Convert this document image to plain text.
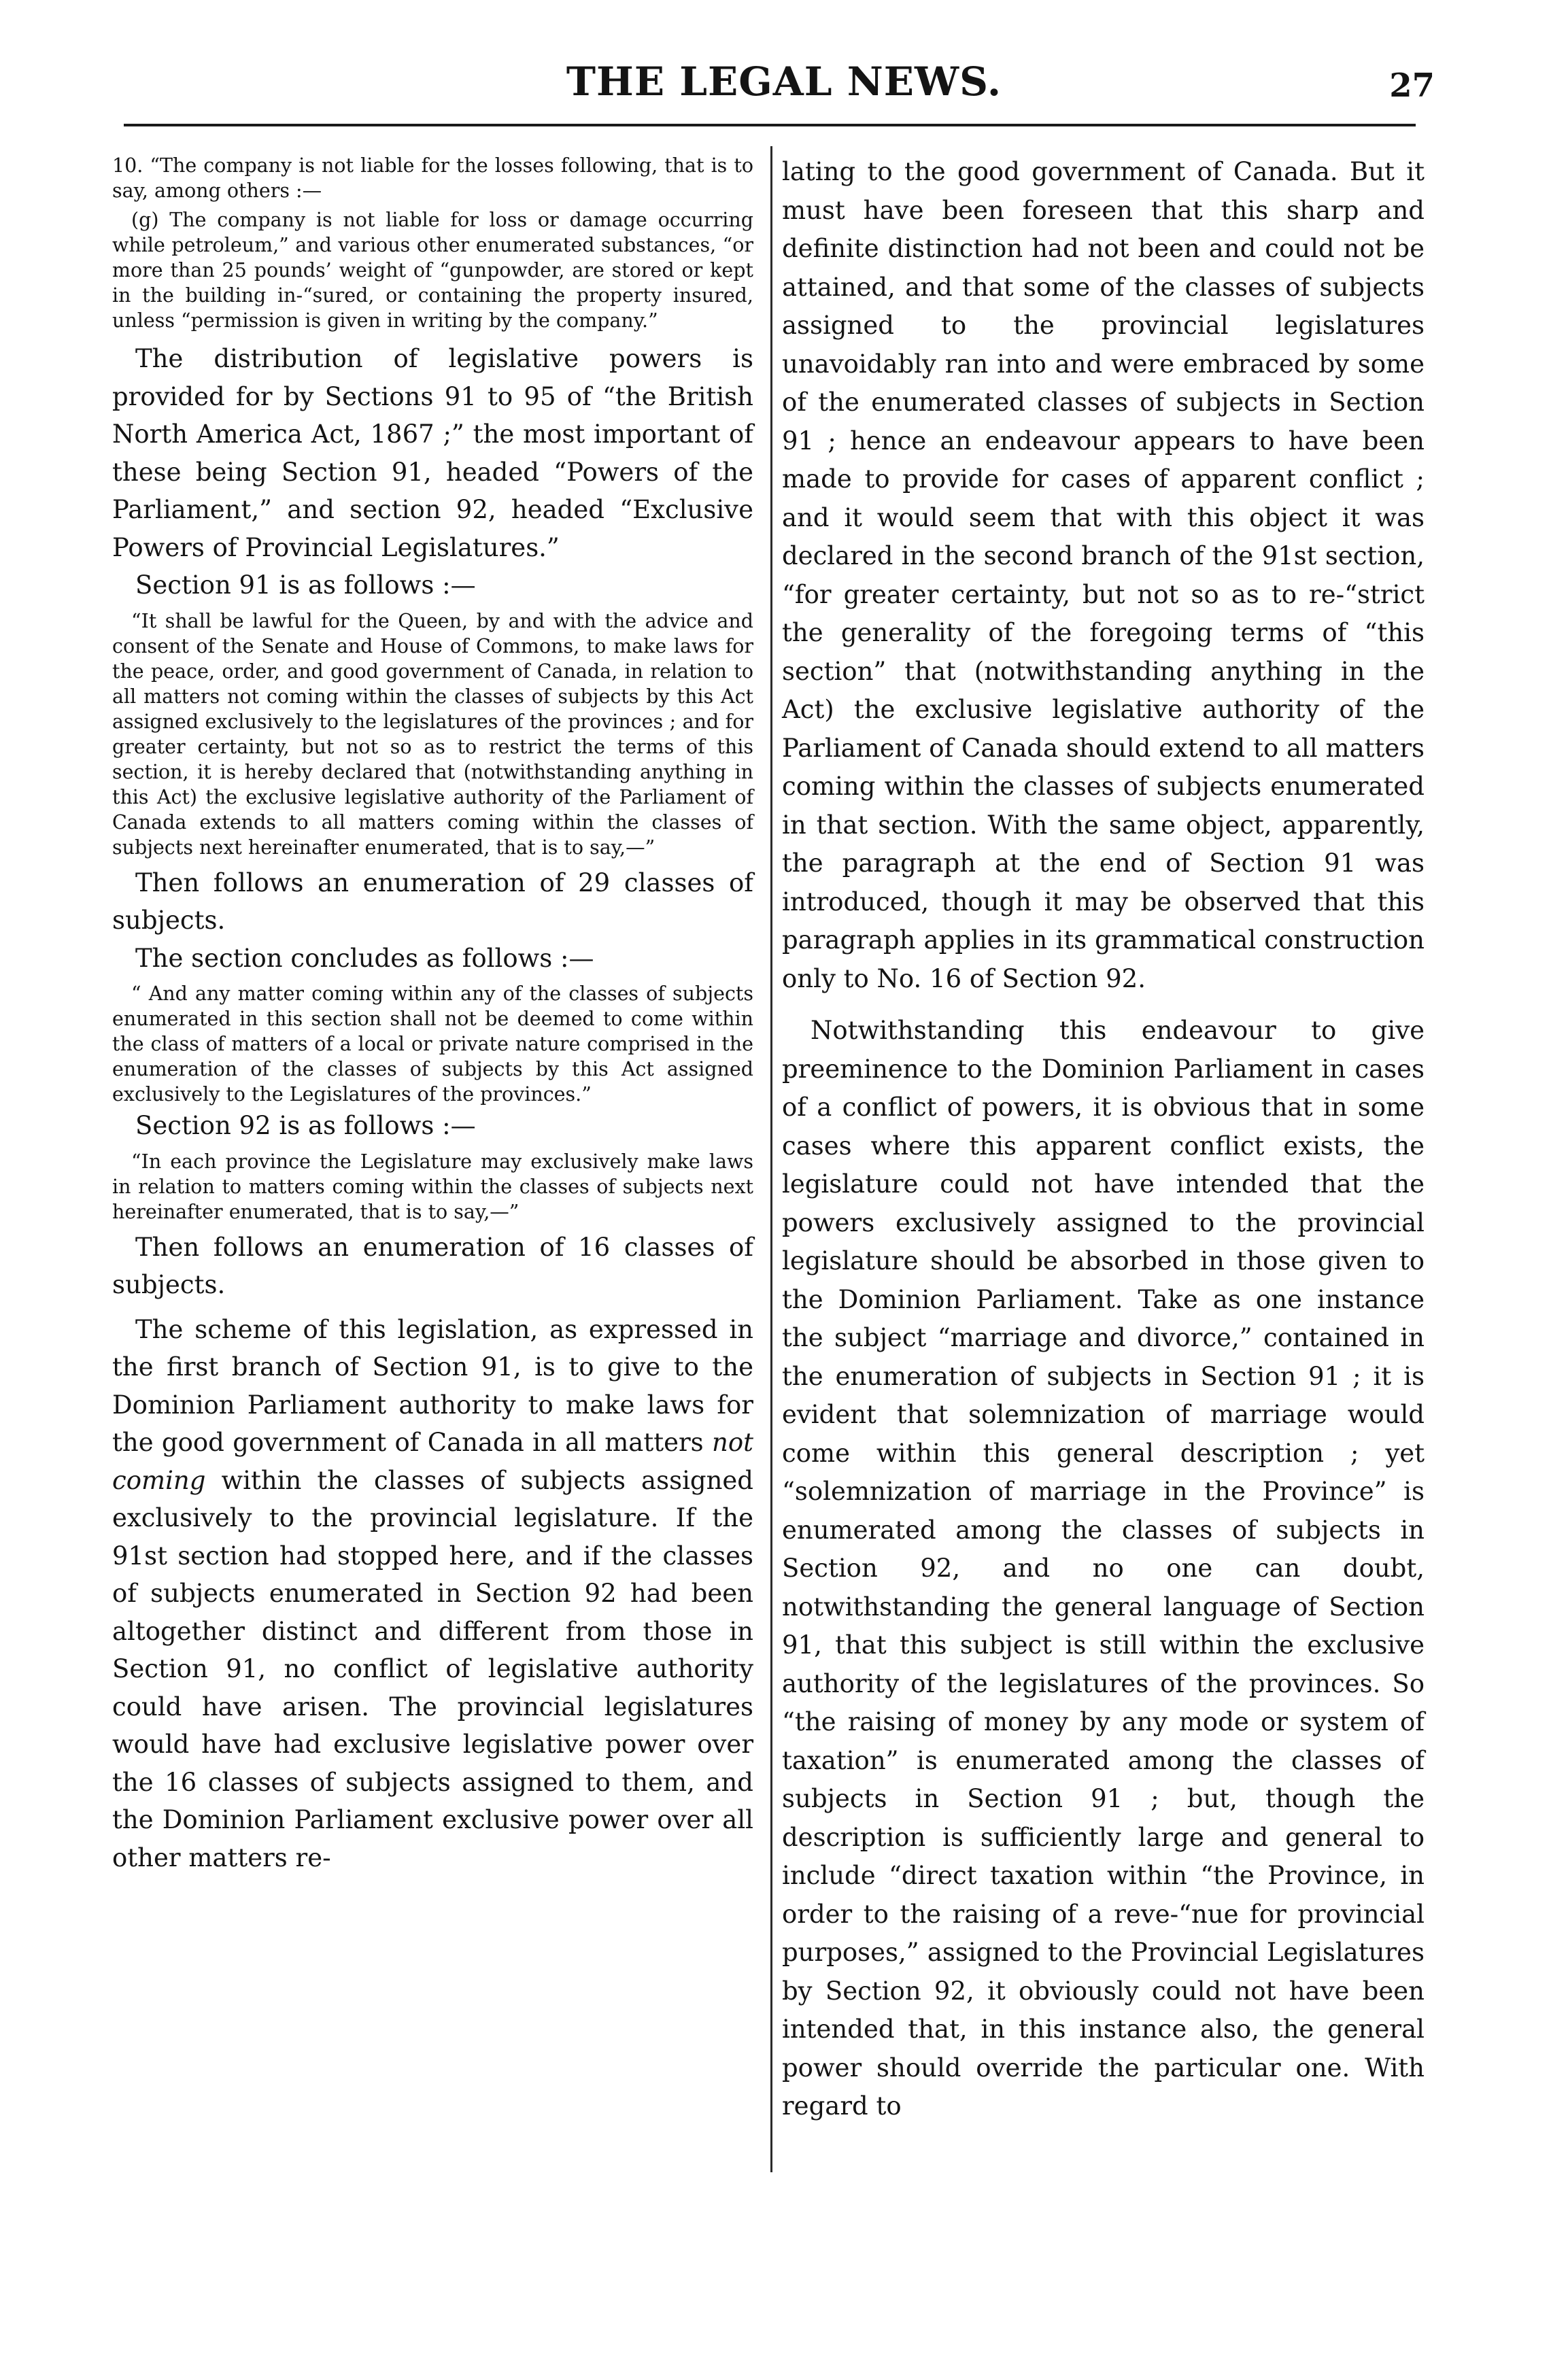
THE LEGAL NEWS.	27

10. “The company is not liable for the losses following, that is to say, among others :—

(g) The company is not liable for loss or damage occurring while petroleum,” and various other enumerated substances, “or more than 25 pounds’ weight of “gunpowder, are stored or kept in the building in-“sured, or containing the property insured, unless “permission is given in writing by the company.”

The distribution of legislative powers is provided for by Sections 91 to 95 of “the British North America Act, 1867 ;” the most important of these being Section 91, headed “Powers of the Parliament,” and section 92, headed “Exclusive Powers of Provincial Legislatures.”

Section 91 is as follows :—

“It shall be lawful for the Queen, by and with the advice and consent of the Senate and House of Commons, to make laws for the peace, order, and good government of Canada, in relation to all matters not coming within the classes of subjects by this Act assigned exclusively to the legislatures of the provinces ; and for greater certainty, but not so as to restrict the terms of this section, it is hereby declared that (notwithstanding anything in this Act) the exclusive legislative authority of the Parliament of Canada extends to all matters coming within the classes of subjects next hereinafter enumerated, that is to say,—”

Then follows an enumeration of 29 classes of subjects.

The section concludes as follows :—

“ And any matter coming within any of the classes of subjects enumerated in this section shall not be deemed to come within the class of matters of a local or private nature comprised in the enumeration of the classes of subjects by this Act assigned exclusively to the Legislatures of the provinces.”

Section 92 is as follows :—

“In each province the Legislature may exclusively make laws in relation to matters coming within the classes of subjects next hereinafter enumerated, that is to say,—”

Then follows an enumeration of 16 classes of subjects.

The scheme of this legislation, as expressed in the first branch of Section 91, is to give to the Dominion Parliament authority to make laws for the good government of Canada in all matters not coming within the classes of subjects assigned exclusively to the provincial legislature. If the 91st section had stopped here, and if the classes of subjects enumerated in Section 92 had been altogether distinct and different from those in Section 91, no conflict of legislative authority could have arisen. The provincial legislatures would have had exclusive legislative power over the 16 classes of subjects assigned to them, and the Dominion Parliament exclusive power over all other matters re-

lating to the good government of Canada. But it must have been foreseen that this sharp and definite distinction had not been and could not be attained, and that some of the classes of subjects assigned to the provincial legislatures unavoidably ran into and were embraced by some of the enumerated classes of subjects in Section 91 ; hence an endeavour appears to have been made to provide for cases of apparent conflict ; and it would seem that with this object it was declared in the second branch of the 91st section, “for greater certainty, but not so as to re-“strict the generality of the foregoing terms of “this section” that (notwithstanding anything in the Act) the exclusive legislative authority of the Parliament of Canada should extend to all matters coming within the classes of subjects enumerated in that section. With the same object, apparently, the paragraph at the end of Section 91 was introduced, though it may be observed that this paragraph applies in its grammatical construction only to No. 16 of Section 92.

Notwithstanding this endeavour to give preeminence to the Dominion Parliament in cases of a conflict of powers, it is obvious that in some cases where this apparent conflict exists, the legislature could not have intended that the powers exclusively assigned to the provincial legislature should be absorbed in those given to the Dominion Parliament. Take as one instance the subject “marriage and divorce,” contained in the enumeration of subjects in Section 91 ; it is evident that solemnization of marriage would come within this general description ; yet “solemnization of marriage in the Province” is enumerated among the classes of subjects in Section 92, and no one can doubt, notwithstanding the general language of Section 91, that this subject is still within the exclusive authority of the legislatures of the provinces. So “the raising of money by any mode or system of taxation” is enumerated among the classes of subjects in Section 91 ; but, though the description is sufficiently large and general to include “direct taxation within “the Province, in order to the raising of a reve-“nue for provincial purposes,” assigned to the Provincial Legislatures by Section 92, it obviously could not have been intended that, in this instance also, the general power should override the particular one. With regard to
